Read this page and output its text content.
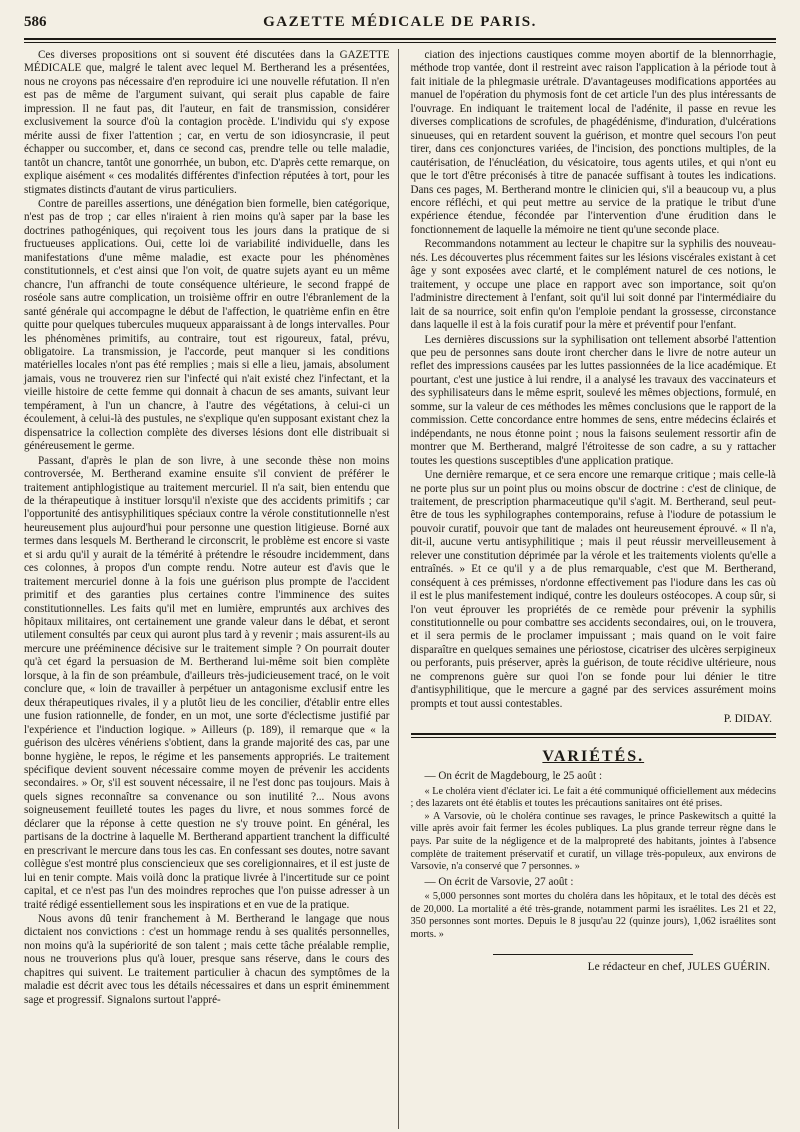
586	GAZETTE MÉDICALE DE PARIS.

Ces diverses propositions ont si souvent été discutées dans la GAZETTE MÉDICALE que, malgré le talent avec lequel M. Bertherand les a présentées, nous ne croyons pas nécessaire d'en reproduire ici une nouvelle réfutation. Il n'en est pas de même de l'argument suivant, qui serait plus capable de faire impression. Il ne faut pas, dit l'auteur, en fait de transmission, considérer exclusivement la source d'où la contagion procède. L'individu qui s'y expose mérite aussi de fixer l'attention ; car, en vertu de son idiosyncrasie, il peut échapper ou succomber, et, dans ce second cas, prendre telle ou telle maladie, tantôt un chancre, tantôt une gonorrhée, un bubon, etc. D'après cette remarque, on explique aisément « ces modalités différentes d'infection réputées à tort, pour les stigmates distincts d'autant de virus particuliers.

Contre de pareilles assertions, une dénégation bien formelle, bien catégorique, n'est pas de trop ; car elles n'iraient à rien moins qu'à saper par la base les doctrines pathogéniques, qui reçoivent tous les jours dans la pratique de si fructueuses applications. Oui, cette loi de variabilité individuelle, dans les manifestations d'une même maladie, est exacte pour les phénomènes constitutionnels, et c'est ainsi que l'on voit, de quatre sujets ayant eu un même chancre, l'un affranchi de toute conséquence ultérieure, le second frappé de roséole sans autre complication, un troisième offrir en outre l'ébranlement de la santé générale qui accompagne le début de l'affection, le quatrième enfin en être quitte pour quelques tubercules muqueux apparaissant à de longs intervalles. Pour les phénomènes primitifs, au contraire, tout est rigoureux, fatal, prévu, obligatoire. La transmission, je l'accorde, peut manquer si les conditions matérielles locales n'ont pas été remplies ; mais si elle a lieu, jamais, absolument jamais, vous ne trouverez rien sur l'infecté qui n'ait existé chez l'infectant, et la vieille histoire de cette femme qui donnait à chacun de ses amants, suivant leur tempérament, à l'un un chancre, à l'autre des végétations, à celui-ci un écoulement, à celui-là des pustules, ne s'explique qu'en supposant existant chez la dispensatrice la collection complète des diverses lésions dont elle distribuait si généreusement le germe.

Passant, d'après le plan de son livre, à une seconde thèse non moins controversée, M. Bertherand examine ensuite s'il convient de préférer le traitement antiphlogistique au traitement mercuriel. Il n'a sait, bien entendu que de la thérapeutique à instituer lorsqu'il n'existe que des accidents primitifs ; car l'opportunité des antisyphilitiques spéciaux contre la vérole constitutionnelle n'est heureusement plus aujourd'hui pour personne une question litigieuse. Borné aux termes dans lesquels M. Bertherand le circonscrit, le problème est encore si vaste et si ardu qu'il y aurait de la témérité à prétendre le résoudre incidemment, dans ces colonnes, à propos d'un compte rendu. Notre auteur est d'avis que le traitement mercuriel donne à la fois une guérison plus prompte de l'accident primitif et des garanties plus certaines contre l'imminence des suites constitutionnelles. Les faits qu'il met en lumière, empruntés aux archives des hôpitaux militaires, ont certainement une grande valeur dans le débat, et seront utilement consultés par ceux qui auront plus tard à y revenir ; mais assurent-ils au mercure une prééminence décisive sur le traitement simple ? On pourrait douter qu'à cet égard la persuasion de M. Bertherand lui-même soit bien complète lorsque, à la fin de son préambule, d'ailleurs très-judicieusement tracé, on le voit conclure que, « loin de travailler à perpétuer un antagonisme exclusif entre les deux thérapeutiques rivales, il y a plutôt lieu de les concilier, d'établir entre elles une fusion rationnelle, de fonder, en un mot, une sorte d'éclectisme justifié par l'expérience et l'induction logique. » Ailleurs (p. 189), il remarque que « la guérison des ulcères vénériens s'obtient, dans la grande majorité des cas, par une bonne hygiène, le repos, le régime et les pansements appropriés. Le traitement spécifique devient souvent nécessaire comme moyen de prévenir les accidents secondaires. » Or, s'il est souvent nécessaire, il ne l'est donc pas toujours. Mais à quels signes reconnaître sa convenance ou son inutilité ?... Nous avons soigneusement feuilleté toutes les pages du livre, et nous sommes forcé de déclarer que la réponse à cette question ne s'y trouve point. En général, les partisans de la doctrine à laquelle M. Bertherand appartient tranchent la difficulté en prescrivant le mercure dans tous les cas. En confessant ses doutes, notre savant collègue s'est montré plus consciencieux que ses coreligionnaires, et il est juste de lui en tenir compte. Mais voilà donc la pratique livrée à l'incertitude sur ce point capital, et ce n'est pas l'un des moindres reproches que l'on puisse adresser à un traité rédigé essentiellement sous les inspirations et en vue de la pratique.

Nous avons dû tenir franchement à M. Bertherand le langage que nous dictaient nos convictions : c'est un hommage rendu à ses qualités personnelles, non moins qu'à la supériorité de son talent ; mais cette tâche préalable remplie, nous ne trouverions plus qu'à louer, presque sans réserve, dans le cours des chapitres qui suivent. Le traitement particulier à chacun des symptômes de la maladie est décrit avec tous les détails nécessaires et dans un esprit éminemment sage et progressif. Signalons surtout l'appré-

ciation des injections caustiques comme moyen abortif de la blennorrhagie, méthode trop vantée, dont il restreint avec raison l'application à la période tout à fait initiale de la phlegmasie urétrale. D'avantageuses modifications apportées au manuel de l'opération du phymosis font de cet article l'un des plus intéressants de l'ouvrage. En indiquant le traitement local de l'adénite, il passe en revue les diverses complications de scrofules, de phagédénisme, d'induration, d'ulcérations sinueuses, qui en retardent souvent la guérison, et montre quel secours l'on peut tirer, dans ces conjonctures variées, de l'incision, des ponctions multiples, de la cautérisation, de l'énucléation, du vésicatoire, tous agents utiles, et qui n'ont eu que le tort d'être préconisés à titre de panacée suffisant à toutes les indications. Dans ces pages, M. Bertherand montre le clinicien qui, s'il a beaucoup vu, a plus encore réfléchi, et qui peut mettre au service de la pratique le tribut d'une expérience étendue, fécondée par l'intervention d'une érudition dans le fonctionnement de laquelle la mémoire ne tient qu'une seconde place.

Recommandons notamment au lecteur le chapitre sur la syphilis des nouveau-nés. Les découvertes plus récemment faites sur les lésions viscérales existant à cet âge y sont exposées avec clarté, et le complément naturel de ces notions, le traitement, y occupe une place en rapport avec son importance, soit qu'on l'administre directement à l'enfant, soit qu'il lui soit donné par l'intermédiaire du lait de sa nourrice, soit enfin qu'on l'emploie pendant la grossesse, circonstance dans laquelle il est à la fois curatif pour la mère et préventif pour l'enfant.

Les dernières discussions sur la syphilisation ont tellement absorbé l'attention que peu de personnes sans doute iront chercher dans le livre de notre auteur un reflet des impressions causées par les luttes passionnées de la lice académique. Et pourtant, c'est une justice à lui rendre, il a analysé les travaux des vaccinateurs et des syphilisateurs dans le même esprit, soulevé les mêmes objections, formulé, en somme, sur la valeur de ces méthodes les mêmes conclusions que le rapport de la commission. Cette concordance entre hommes de sens, entre médecins éclairés et indépendants, ne nous étonne point ; nous la faisons seulement ressortir afin de montrer que M. Bertherand, malgré l'étroitesse de son cadre, a su y rattacher toutes les questions susceptibles d'une application pratique.

Une dernière remarque, et ce sera encore une remarque critique ; mais celle-là ne porte plus sur un point plus ou moins obscur de doctrine : c'est de clinique, de traitement, de prescription pharmaceutique qu'il s'agit. M. Bertherand, seul peut-être de tous les syphilographes contemporains, refuse à l'iodure de potassium le pouvoir curatif, pouvoir que tant de malades ont heureusement éprouvé. « Il n'a, dit-il, aucune vertu antisyphilitique ; mais il peut réussir merveilleusement à relever une constitution déprimée par la vérole et les traitements violents qu'elle a entraînés. » Et ce qu'il y a de plus remarquable, c'est que M. Bertherand, conséquent à ces prémisses, n'ordonne effectivement pas l'iodure dans les cas où il est le plus manifestement indiqué, contre les douleurs ostéocopes. A coup sûr, si l'on veut éprouver les propriétés de ce remède pour prévenir la syphilis constitutionnelle ou pour combattre ses accidents secondaires, oui, on le trouvera, et il sera permis de le proclamer impuissant ; mais quand on le voit faire disparaître en quelques semaines une périostose, cicatriser des ulcères serpigineux ou perforants, puis préserver, après la guérison, de toute récidive ultérieure, nous ne comprenons guère sur quoi l'on se fonde pour lui dénier le titre d'antisyphilitique, que le mercure a gagné par des services assurément moins prompts et tout aussi contestables.

P. DIDAY.
VARIÉTÉS.
— On écrit de Magdebourg, le 25 août :

« Le choléra vient d'éclater ici. Le fait a été communiqué officiellement aux médecins ; des lazarets ont été établis et toutes les précautions sanitaires ont été prises.

» A Varsovie, où le choléra continue ses ravages, le prince Paskewitsch a quitté la ville après avoir fait fermer les écoles publiques. La plus grande terreur règne dans le pays. Par suite de la négligence et de la malpropreté des habitants, jointes à l'absence complète de traitement préservatif et curatif, un village très-populeux, aux environs de Varsovie, n'a conservé que 7 personnes. »

— On écrit de Varsovie, 27 août :

« 5,000 personnes sont mortes du choléra dans les hôpitaux, et le total des décès est de 20,000. La mortalité a été très-grande, notamment parmi les israélites. Les 21 et 22, 350 personnes sont mortes. Depuis le 8 jusqu'au 22 (quinze jours), 1,062 israélites sont morts. »

Le rédacteur en chef, JULES GUÉRIN.
